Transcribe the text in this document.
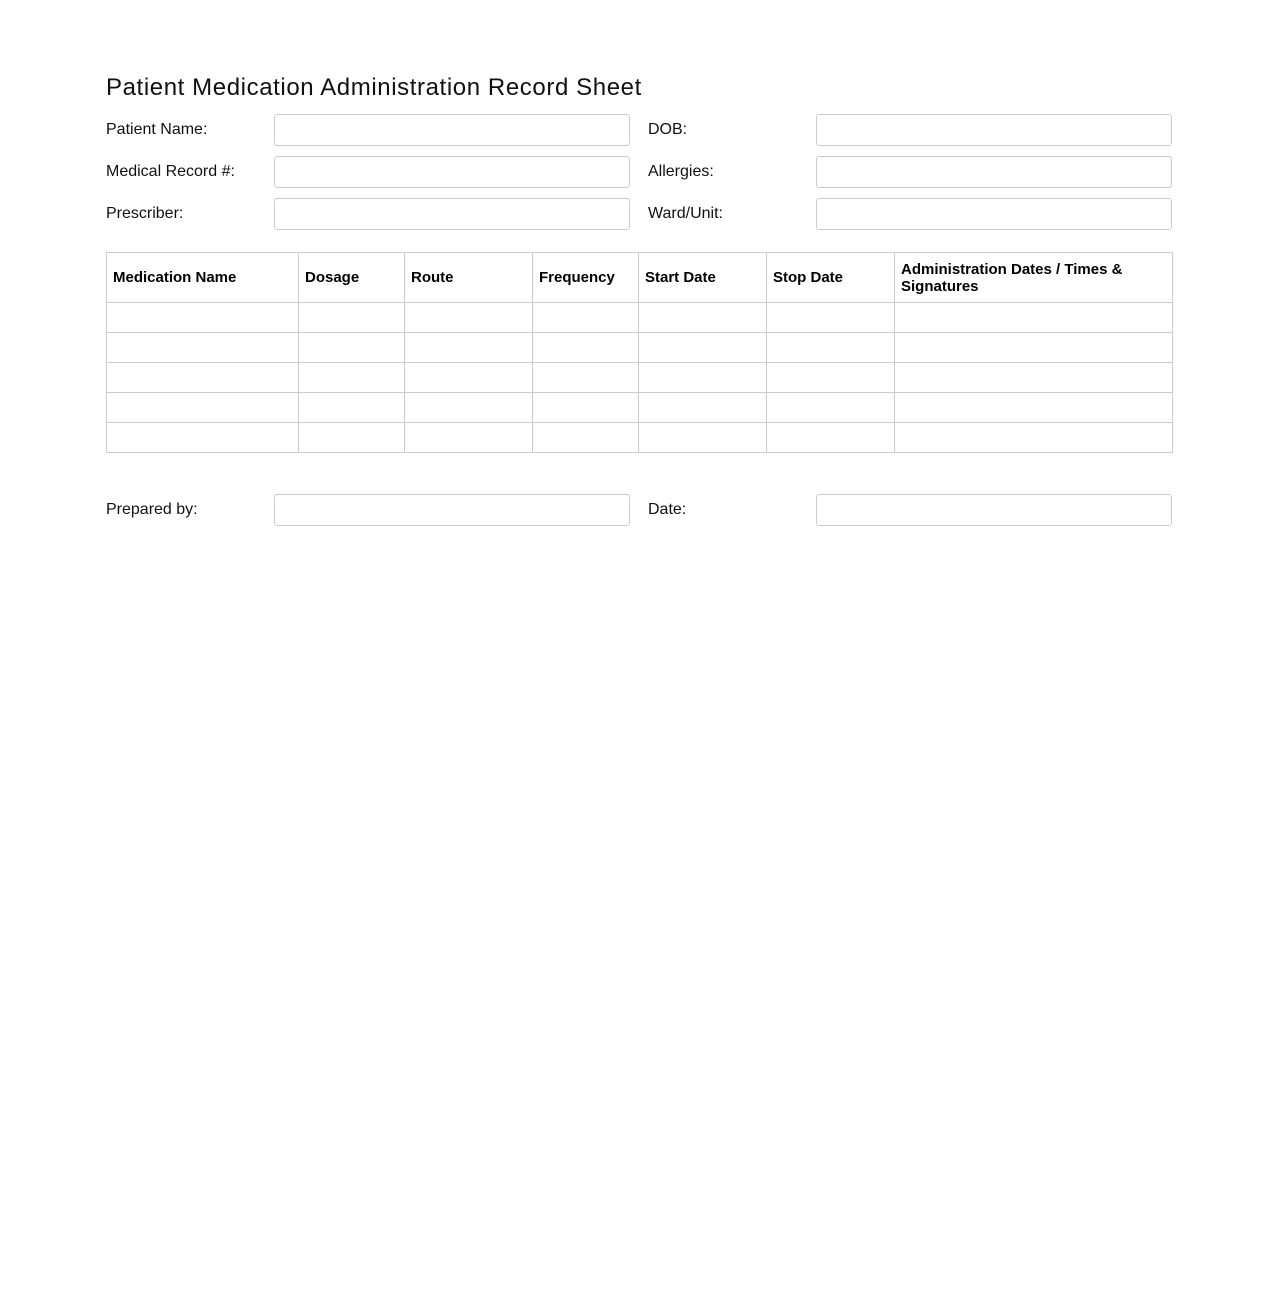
Patient Medication Administration Record Sheet
Patient Name:	DOB:
Medical Record #:	Allergies:
Prescriber:	Ward/Unit:
Medication Name	Dosage	Route	Frequency	Start Date	Stop Date	Administration Dates / Times & Signatures

Prepared by:	Date:
